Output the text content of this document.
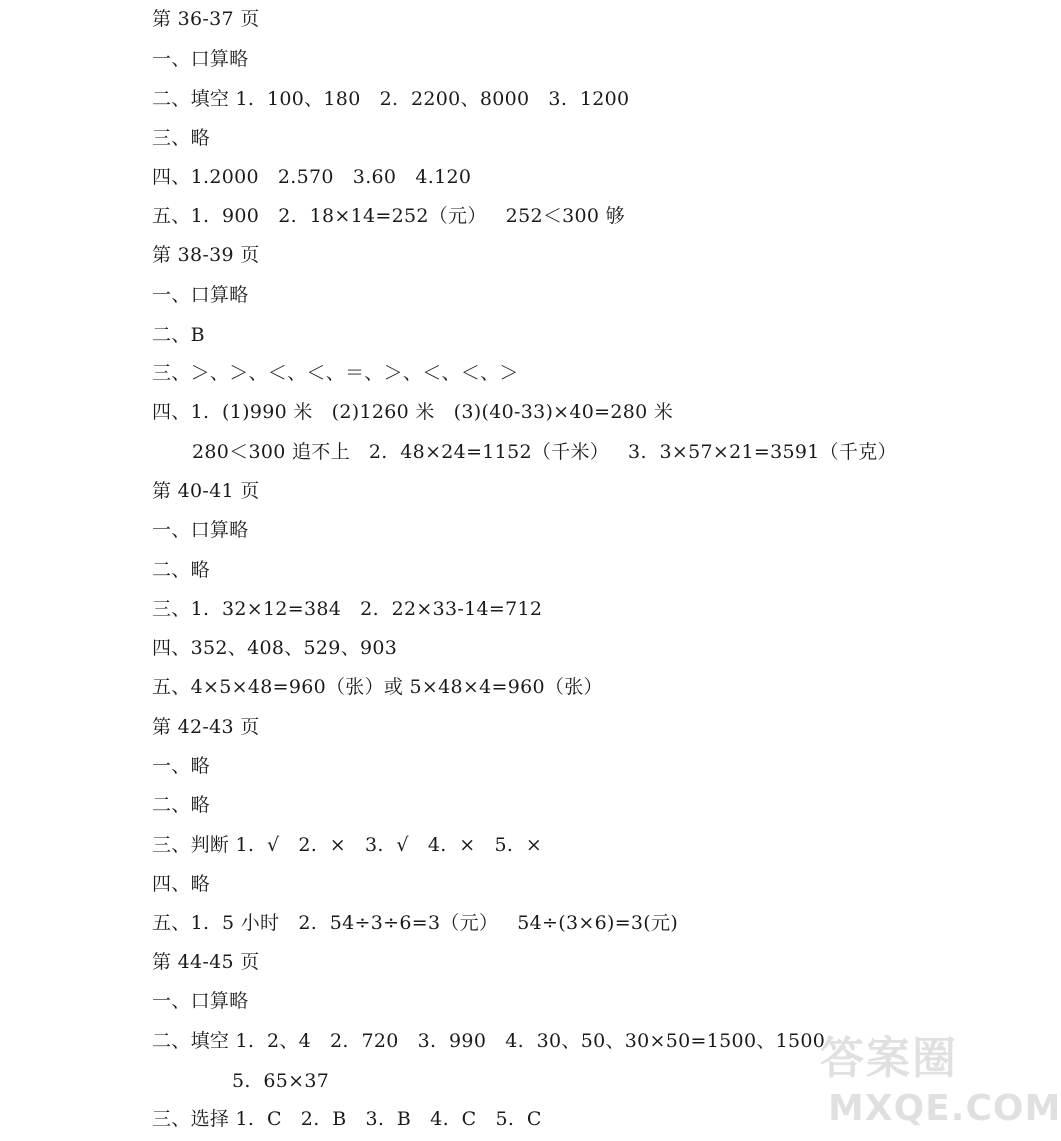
第 36-37 页
一、口算略
二、填空 1.  100、180   2.  2200、8000   3.  1200
三、略
四、1.2000   2.570   3.60   4.120
五、1.  900   2.  18×14=252（元）   252＜300 够
第 38-39 页
一、口算略
二、B
三、＞、＞、＜、＜、＝、＞、＜、＜、＞
四、1.  (1)990 米   (2)1260 米   (3)(40-33)×40=280 米
280＜300 追不上   2.  48×24=1152（千米）   3.  3×57×21=3591（千克）
第 40-41 页
一、口算略
二、略
三、1.  32×12=384   2.  22×33-14=712
四、352、408、529、903
五、4×5×48=960（张）或 5×48×4=960（张）
第 42-43 页
一、略
二、略
三、判断 1.  √   2.  ×   3.  √   4.  ×   5.  ×
四、略
五、1.  5 小时   2.  54÷3÷6=3（元）   54÷(3×6)=3(元)
第 44-45 页
一、口算略
二、填空 1.  2、4   2.  720   3.  990   4.  30、50、30×50=1500、1500
5.  65×37
三、选择 1.  C   2.  B   3.  B   4.  C   5.  C
答案圈
MXQE.COM
